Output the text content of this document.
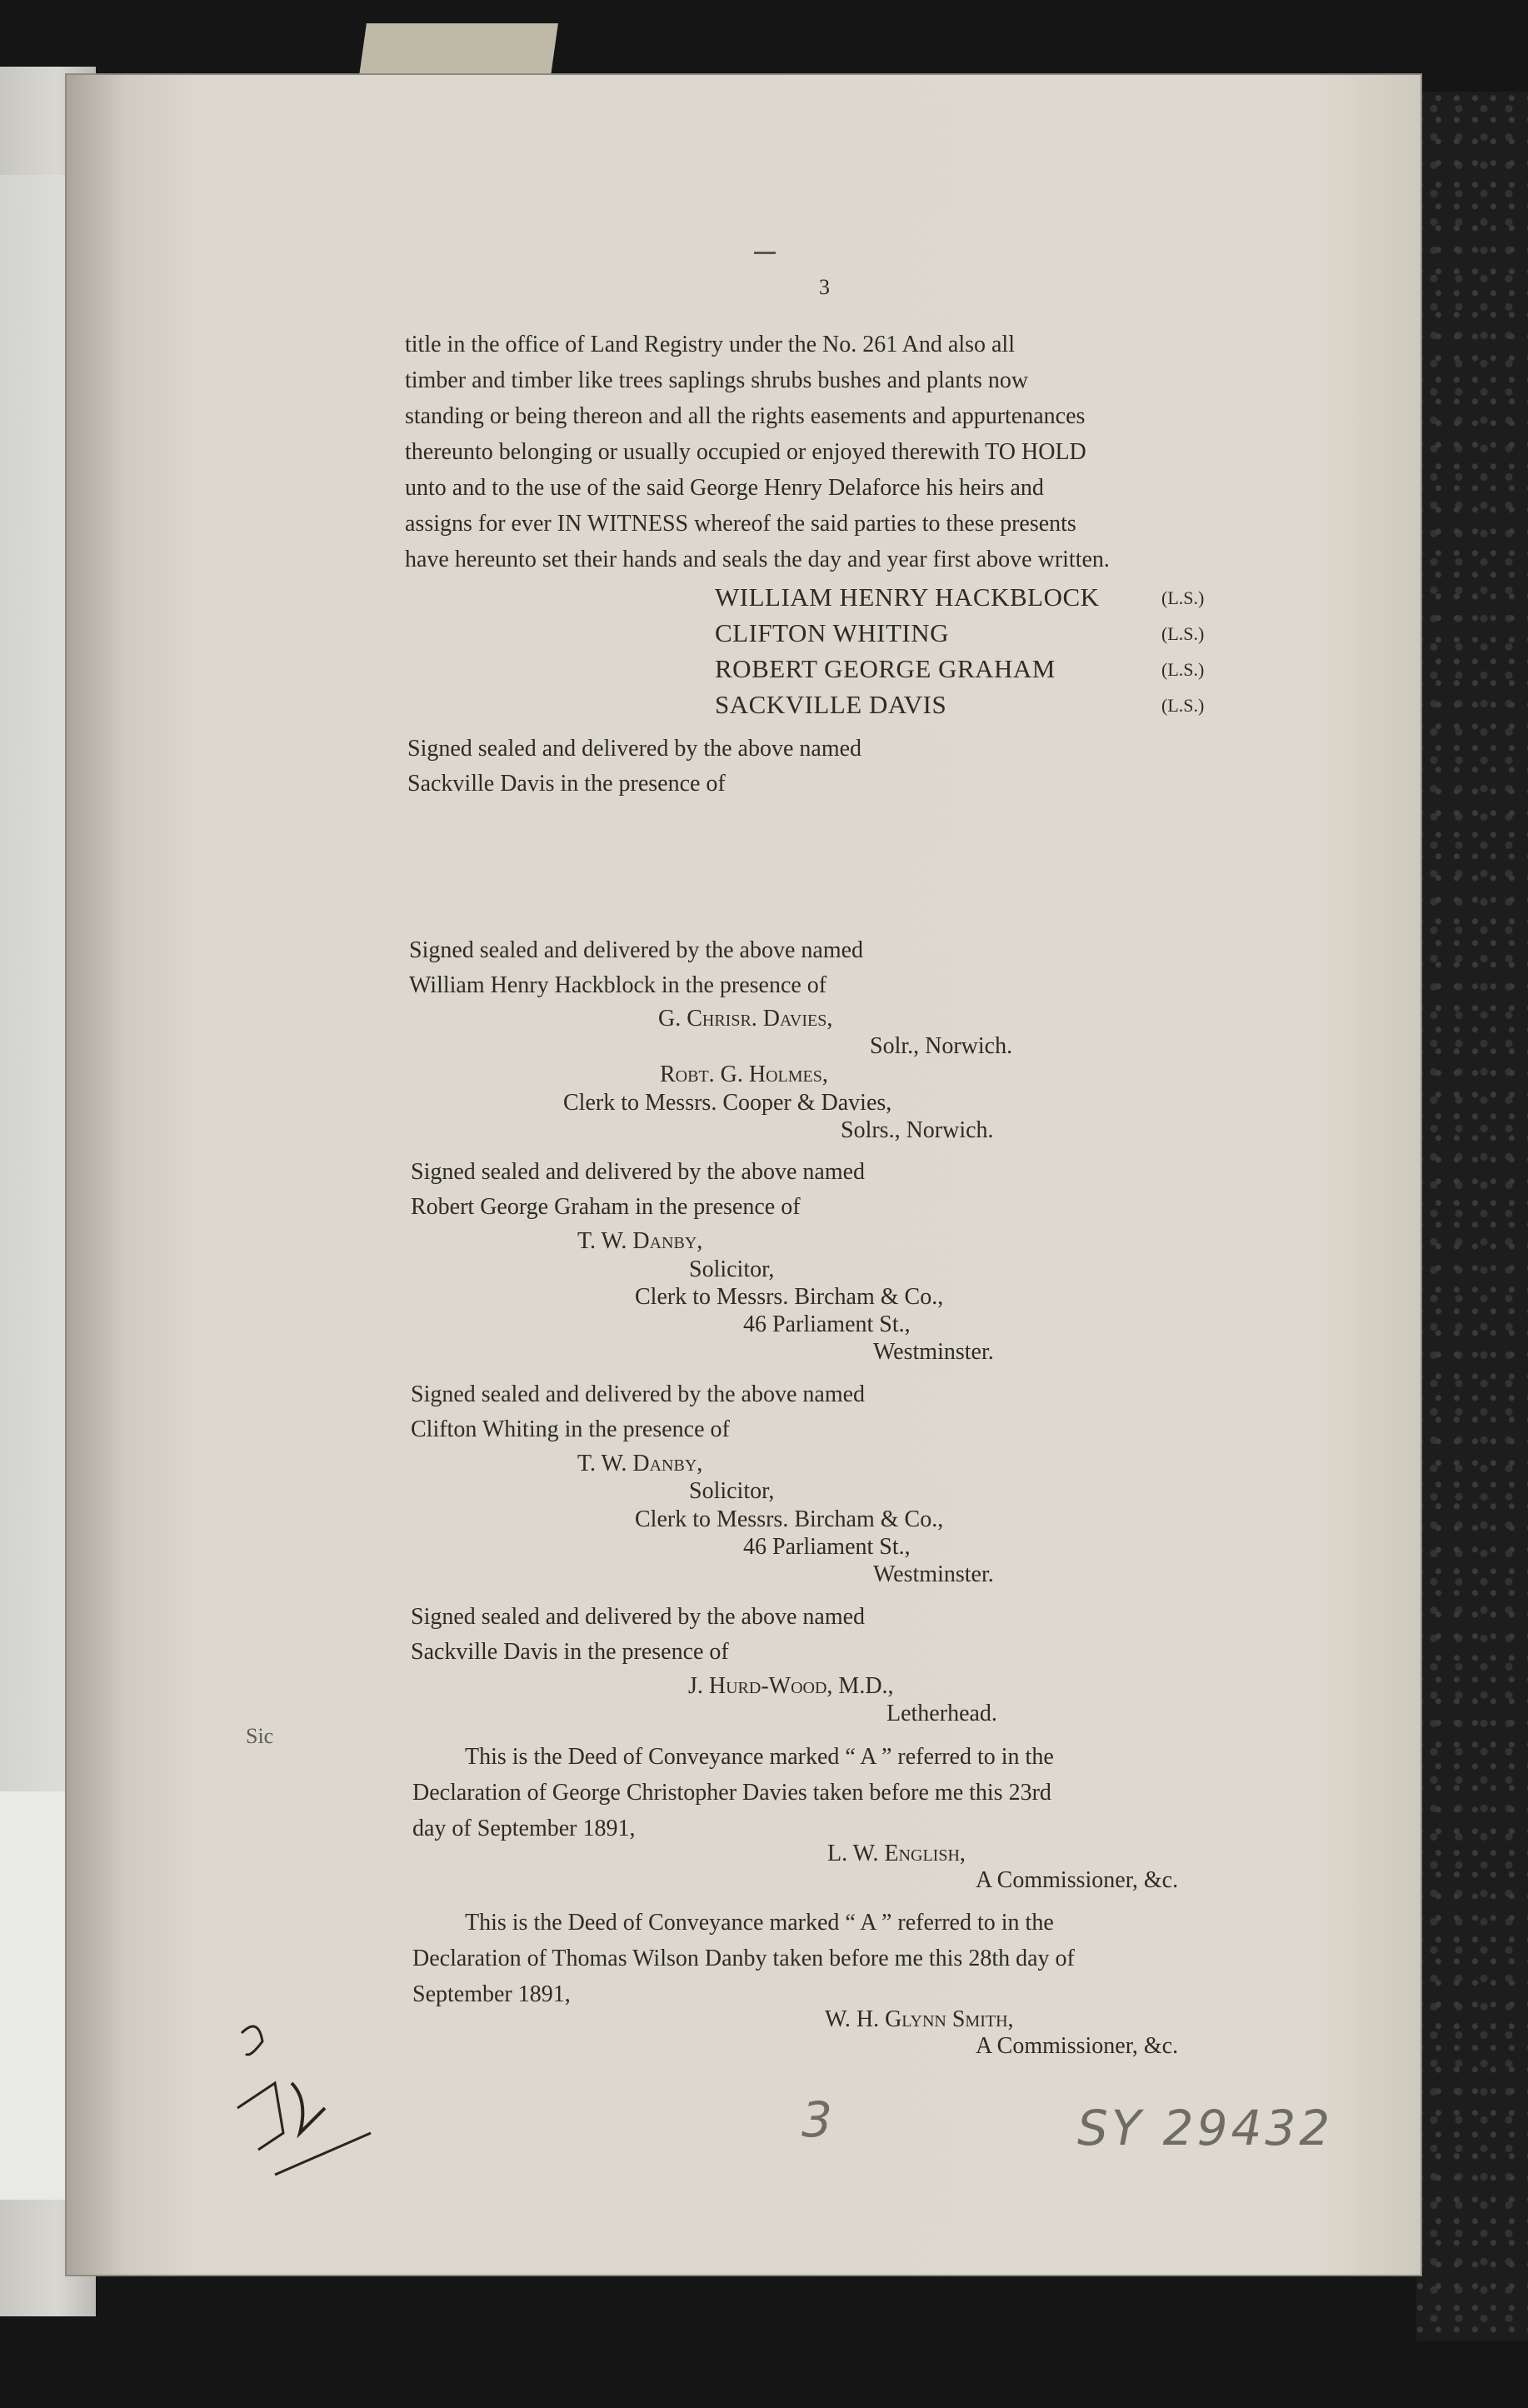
3
title in the office of Land Registry under the No. 261 And also all
timber and timber like trees saplings shrubs bushes and plants now
standing or being thereon and all the rights easements and appurtenances
thereunto belonging or usually occupied or enjoyed therewith TO HOLD
unto and to the use of the said George Henry Delaforce his heirs and
assigns for ever IN WITNESS whereof the said parties to these presents
have hereunto set their hands and seals the day and year first above written.
WILLIAM HENRY HACKBLOCK	(L.S.)
CLIFTON WHITING	(L.S.)
ROBERT GEORGE GRAHAM	(L.S.)
SACKVILLE DAVIS	(L.S.)
Signed sealed and delivered by the above named
Sackville Davis in the presence of
Signed sealed and delivered by the above named
William Henry Hackblock in the presence of
G. Chrisr. Davies,
Solr., Norwich.
Robt. G. Holmes,
Clerk to Messrs. Cooper & Davies,
Solrs., Norwich.
Signed sealed and delivered by the above named
Robert George Graham in the presence of
T. W. Danby,
Solicitor,
Clerk to Messrs. Bircham & Co.,
46 Parliament St.,
Westminster.
Signed sealed and delivered by the above named
Clifton Whiting in the presence of
T. W. Danby,
Solicitor,
Clerk to Messrs. Bircham & Co.,
46 Parliament St.,
Westminster.
Signed sealed and delivered by the above named
Sackville Davis in the presence of
J. Hurd-Wood, M.D.,
Letherhead.
Sic
This is the Deed of Conveyance marked “ A ” referred to in the
Declaration of George Christopher Davies taken before me this 23rd
day of September 1891,
L. W. English,
A Commissioner, &c.
This is the Deed of Conveyance marked “ A ” referred to in the
Declaration of Thomas Wilson Danby taken before me this 28th day of
September 1891,
W. H. Glynn Smith,
A Commissioner, &c.
3	SY 29432
